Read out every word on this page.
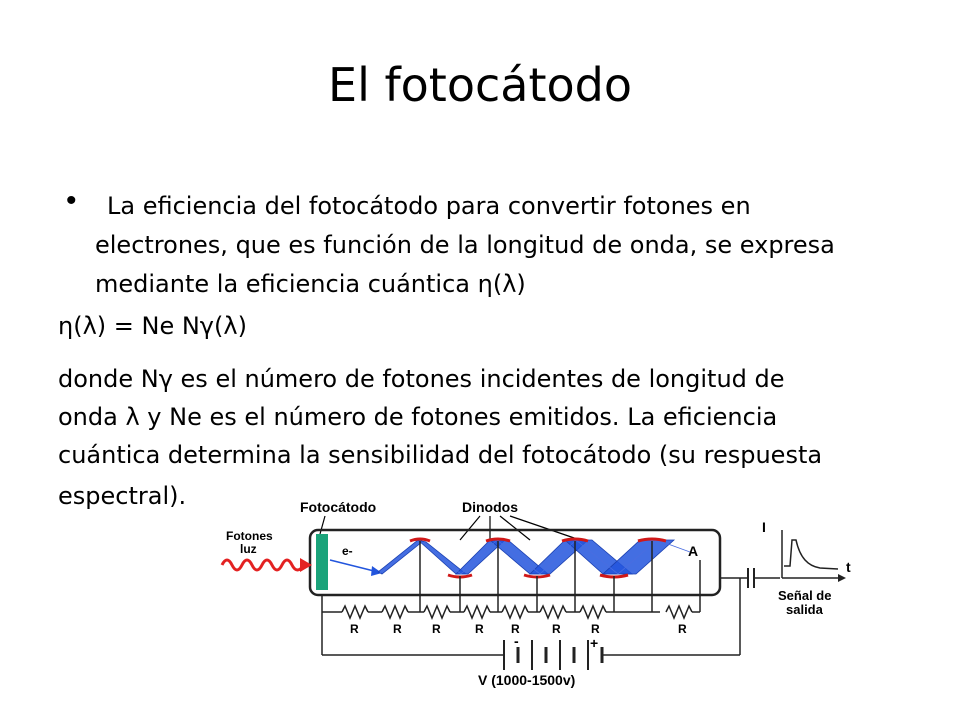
El fotocátodo
•	La eficiencia del fotocátodo para convertir fotones en
electrones, que es función de la longitud de onda, se expresa
mediante la eficiencia cuántica η(λ)
η(λ) = Ne Nγ(λ)
donde Nγ es el número de fotones incidentes de longitud de
onda λ y Ne es el número de fotones emitidos. La eficiencia
cuántica determina la sensibilidad del fotocátodo (su respuesta
espectral).	Fotocátodo	Dinodos
Fotones
luz	e-	A
R	R	R	R R	R	R	R
-	+
V (1000-1500v)
I
t
Señal de
salida
